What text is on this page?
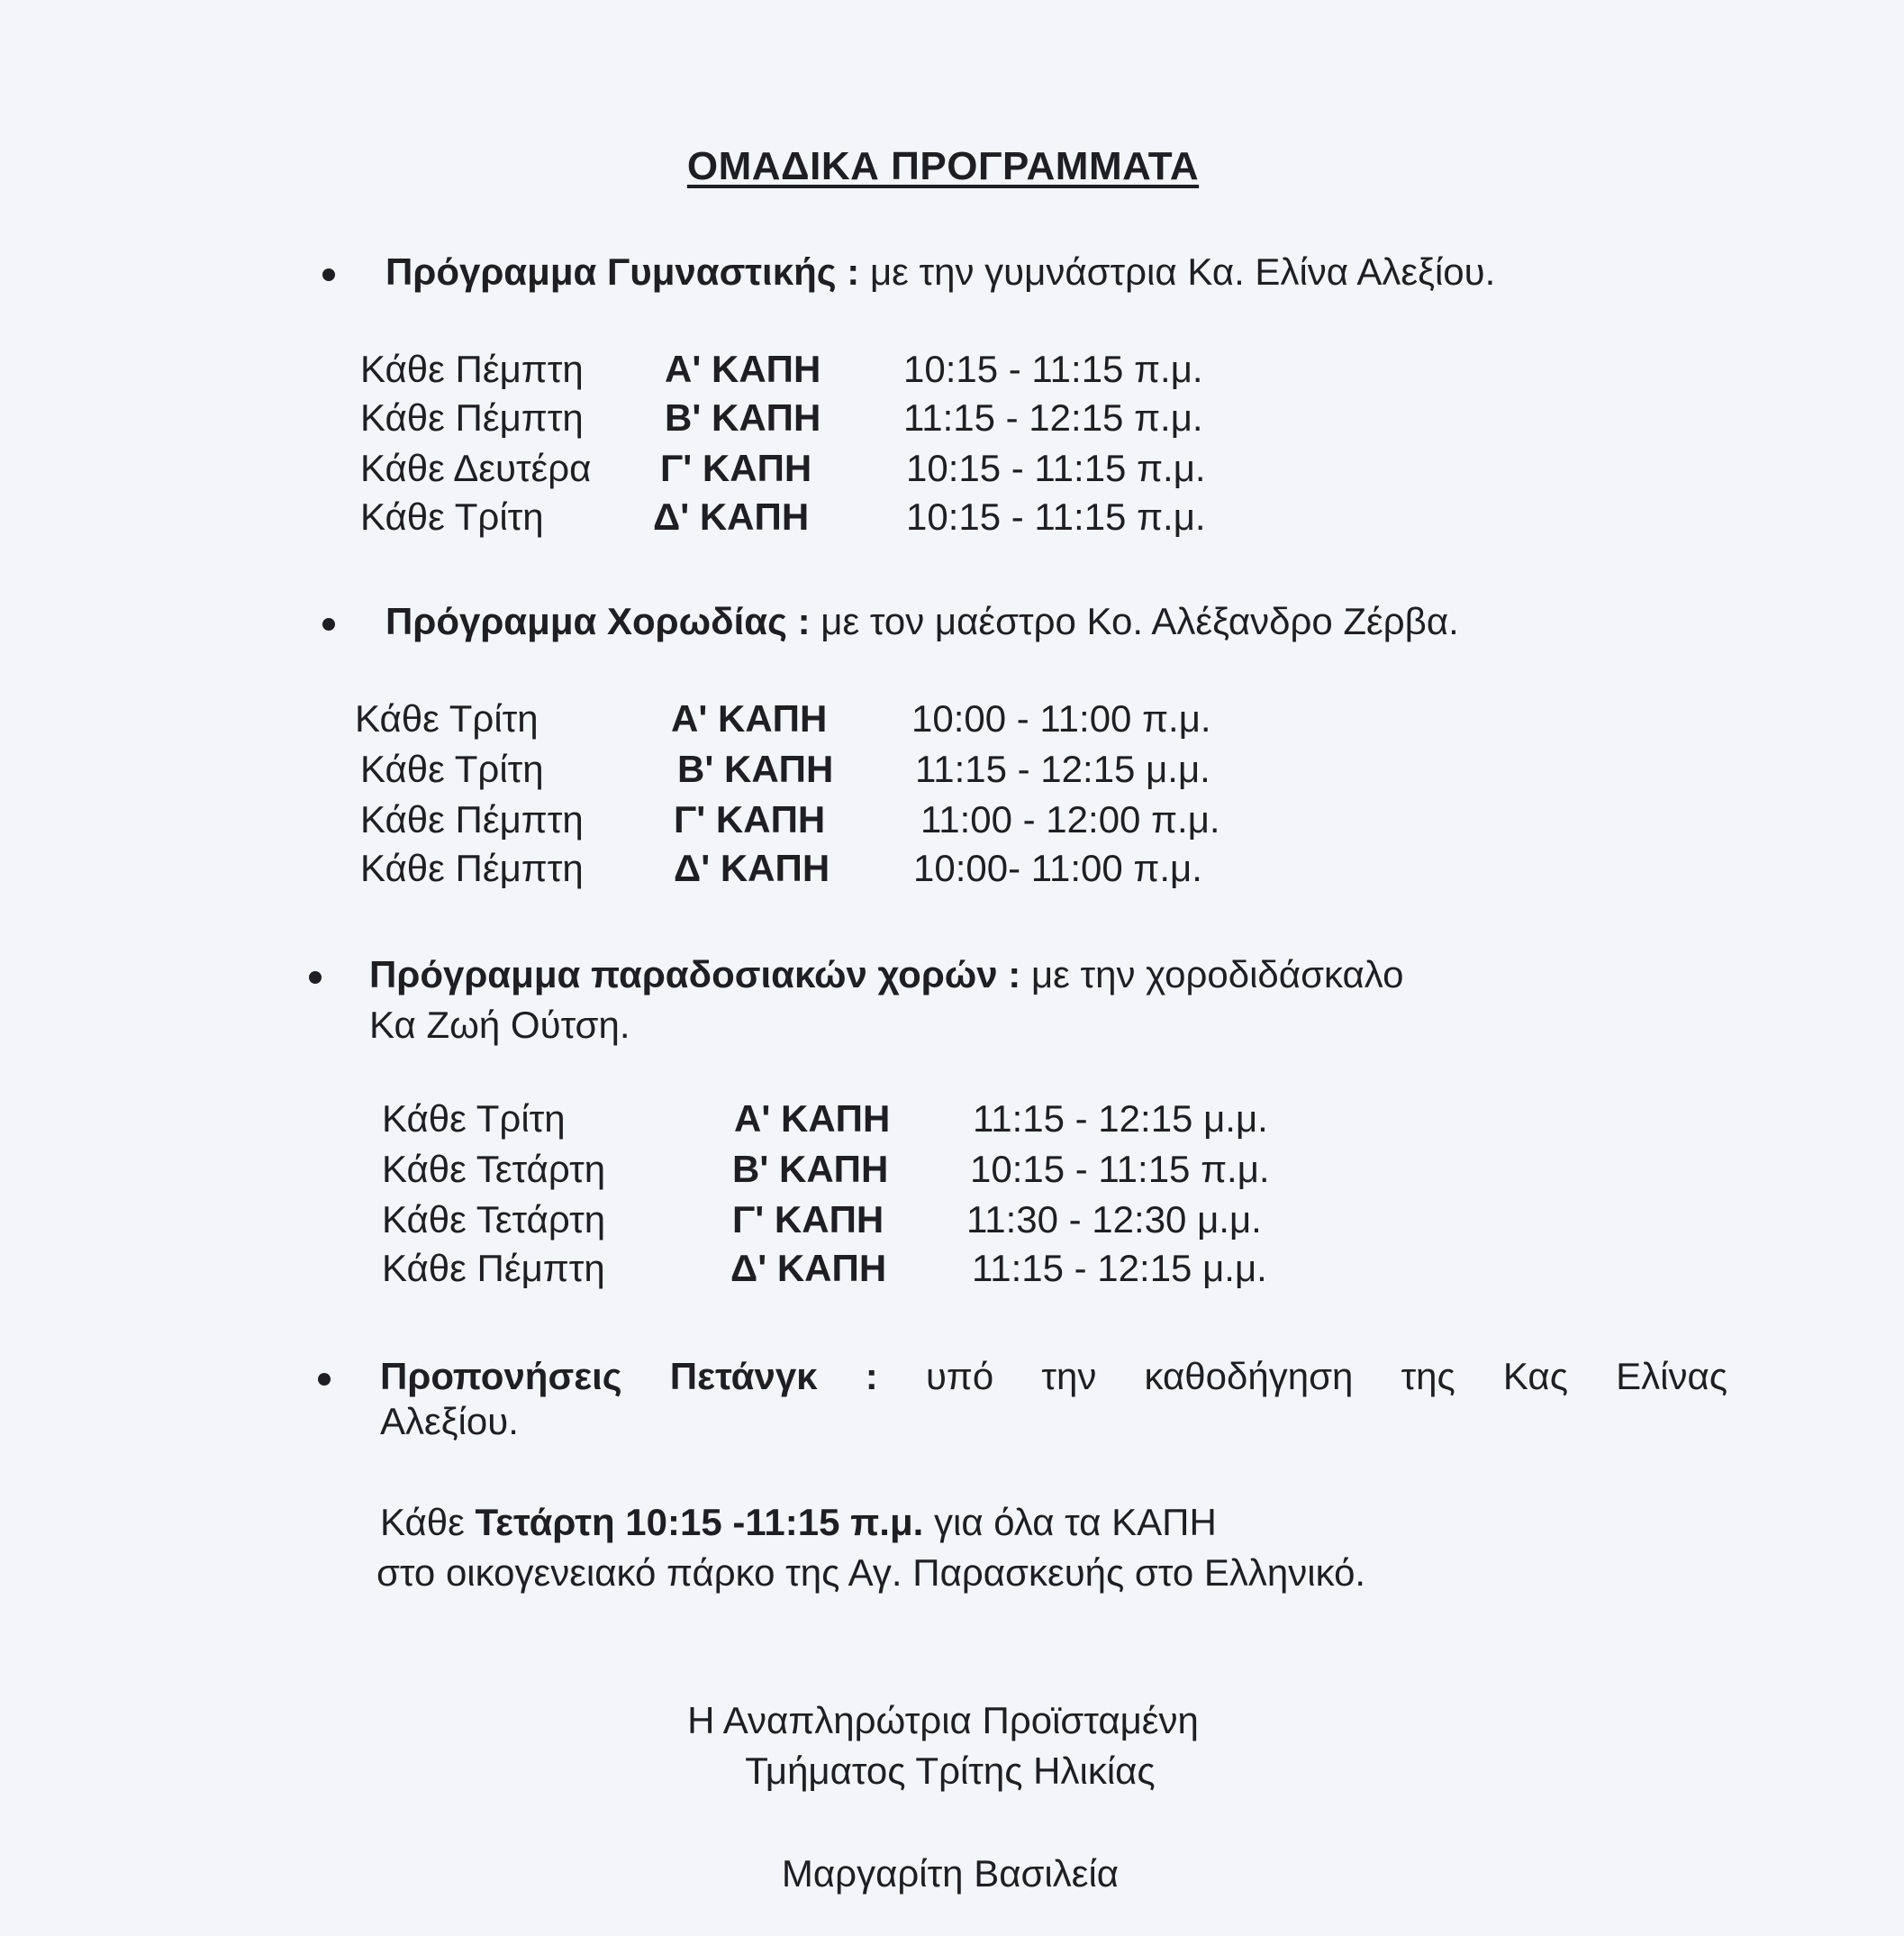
ΟΜΑΔΙΚΑ ΠΡΟΓΡΑΜΜΑΤΑ
Πρόγραμμα Γυμναστικής : με την γυμνάστρια Κα. Ελίνα Αλεξίου.
Κάθε Πέμπτη Α' ΚΑΠΗ 10:15 - 11:15 π.μ.
Κάθε Πέμπτη Β' ΚΑΠΗ 11:15 - 12:15 π.μ.
Κάθε Δευτέρα Γ' ΚΑΠΗ 10:15 - 11:15 π.μ.
Κάθε Τρίτη	Δ' ΚΑΠΗ	10:15 - 11:15 π.μ.
Πρόγραμμα Χορωδίας : με τον μαέστρο Κο. Αλέξανδρο Ζέρβα.
Κάθε Τρίτη	Α' ΚΑΠΗ 10:00 - 11:00 π.μ.
Κάθε Τρίτη	Β' ΚΑΠΗ 11:15 - 12:15 μ.μ.
Κάθε Πέμπτη Γ' ΚΑΠΗ	11:00 - 12:00 π.μ.
Κάθε Πέμπτη Δ' ΚΑΠΗ 10:00- 11:00 π.μ.
Πρόγραμμα παραδοσιακών χορών : με την χοροδιδάσκαλο
Κα Ζωή Ούτση.
Κάθε Τρίτη	Α' ΚΑΠΗ 11:15 - 12:15 μ.μ.
Κάθε Τετάρτη	Β' ΚΑΠΗ 10:15 - 11:15 π.μ.
Κάθε Τετάρτη	Γ' ΚΑΠΗ 11:30 - 12:30 μ.μ.
Κάθε Πέμπτη	Δ' ΚΑΠΗ 11:15 - 12:15 μ.μ.
Προπονήσεις Πετάνγκ : υπό την καθοδήγηση της Κας Ελίνας
Αλεξίου.
Κάθε Τετάρτη 10:15 -11:15 π.μ. για όλα τα ΚΑΠΗ
στο οικογενειακό πάρκο της Αγ. Παρασκευής στο Ελληνικό.
Η Αναπληρώτρια Προϊσταμένη
Τμήματος Τρίτης Ηλικίας
Μαργαρίτη Βασιλεία
